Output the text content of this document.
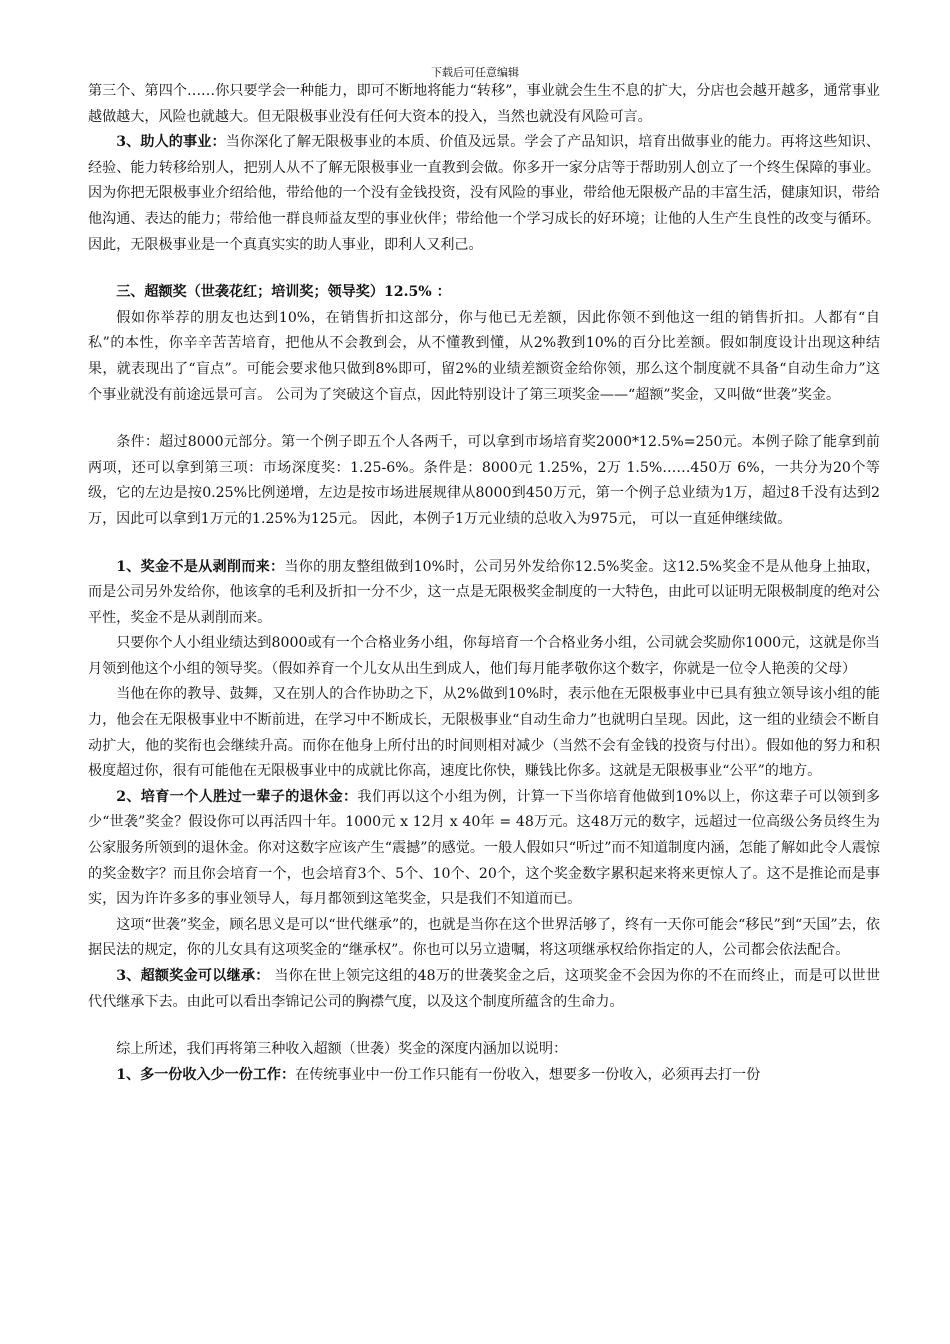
下载后可任意编辑

第三个、第四个……你只要学会一种能力，即可不断地将能力“转移”，事业就会生生不息的扩大，分店也会越开越多，通常事业越做越大，风险也就越大。但无限极事业没有任何大资本的投入，当然也就没有风险可言。

3、助人的事业：当你深化了解无限极事业的本质、价值及远景。学会了产品知识，培育出做事业的能力。再将这些知识、经验、能力转移给别人，把别人从不了解无限极事业一直教到会做。你多开一家分店等于帮助别人创立了一个终生保障的事业。因为你把无限极事业介绍给他，带给他的一个没有金钱投资，没有风险的事业，带给他无限极产品的丰富生活，健康知识，带给他沟通、表达的能力；带给他一群良师益友型的事业伙伴；带给他一个学习成长的好环境；让他的人生产生良性的改变与循环。 因此，无限极事业是一个真真实实的助人事业，即利人又利己。

三、超额奖（世袭花红；培训奖；领导奖）12.5% ：

假如你举荐的朋友也达到10%，在销售折扣这部分，你与他已无差额，因此你领不到他这一组的销售折扣。人都有“自私”的本性，你辛辛苦苦培育，把他从不会教到会，从不懂教到懂，从2%教到10%的百分比差额。假如制度设计出现这种结果，就表现出了“盲点”。可能会要求他只做到8%即可，留2%的业绩差额资金给你领，那么这个制度就不具备“自动生命力”这个事业就没有前途远景可言。 公司为了突破这个盲点，因此特别设计了第三项奖金——“超额”奖金，又叫做“世袭”奖金。

条件：超过8000元部分。第一个例子即五个人各两千，可以拿到市场培育奖2000*12.5%=250元。本例子除了能拿到前两项，还可以拿到第三项：市场深度奖：1.25-6%。条件是：8000元 1.25%，2万 1.5%……450万 6%，一共分为20个等级，它的左边是按0.25%比例递增，左边是按市场进展规律从8000到450万元，第一个例子总业绩为1万，超过8千没有达到2万，因此可以拿到1万元的1.25%为125元。 因此，本例子1万元业绩的总收入为975元， 可以一直延伸继续做。

1、奖金不是从剥削而来：当你的朋友整组做到10%时，公司另外发给你12.5%奖金。这12.5%奖金不是从他身上抽取，而是公司另外发给你，他该拿的毛利及折扣一分不少，这一点是无限极奖金制度的一大特色，由此可以证明无限极制度的绝对公平性，奖金不是从剥削而来。

只要你个人小组业绩达到8000或有一个合格业务小组，你每培育一个合格业务小组，公司就会奖励你1000元，这就是你当月领到他这个小组的领导奖。（假如养育一个儿女从出生到成人，他们每月能孝敬你这个数字，你就是一位令人艳羡的父母）

当他在你的教导、鼓舞，又在别人的合作协助之下，从2%做到10%时，表示他在无限极事业中已具有独立领导该小组的能力，他会在无限极事业中不断前进，在学习中不断成长，无限极事业“自动生命力”也就明白呈现。因此，这一组的业绩会不断自动扩大，他的奖衔也会继续升高。而你在他身上所付出的时间则相对减少（当然不会有金钱的投资与付出）。假如他的努力和积极度超过你，很有可能他在无限极事业中的成就比你高，速度比你快，赚钱比你多。这就是无限极事业“公平”的地方。

2、培育一个人胜过一辈子的退休金：我们再以这个小组为例，计算一下当你培育他做到10%以上，你这辈子可以领到多少“世袭”奖金？假设你可以再活四十年。1000元 x 12月 x 40年 = 48万元。这48万元的数字，远超过一位高级公务员终生为公家服务所领到的退休金。你对这数字应该产生“震撼”的感觉。一般人假如只“听过”而不知道制度内涵，怎能了解如此令人震惊的奖金数字？而且你会培育一个，也会培育3个、5个、10个、20个，这个奖金数字累积起来将来更惊人了。这不是推论而是事实，因为许许多多的事业领导人，每月都领到这笔奖金，只是我们不知道而已。

这项“世袭”奖金，顾名思义是可以“世代继承”的，也就是当你在这个世界活够了，终有一天你可能会“移民”到“天国”去，依据民法的规定，你的儿女具有这项奖金的“继承权”。你也可以另立遗嘱，将这项继承权给你指定的人，公司都会依法配合。

3、超额奖金可以继承： 当你在世上领完这组的48万的世袭奖金之后，这项奖金不会因为你的不在而终止，而是可以世世代代继承下去。由此可以看出李锦记公司的胸襟气度，以及这个制度所蕴含的生命力。

综上所述，我们再将第三种收入超额（世袭）奖金的深度内涵加以说明：

1、多一份收入少一份工作：在传统事业中一份工作只能有一份收入，想要多一份收入，必须再去打一份
